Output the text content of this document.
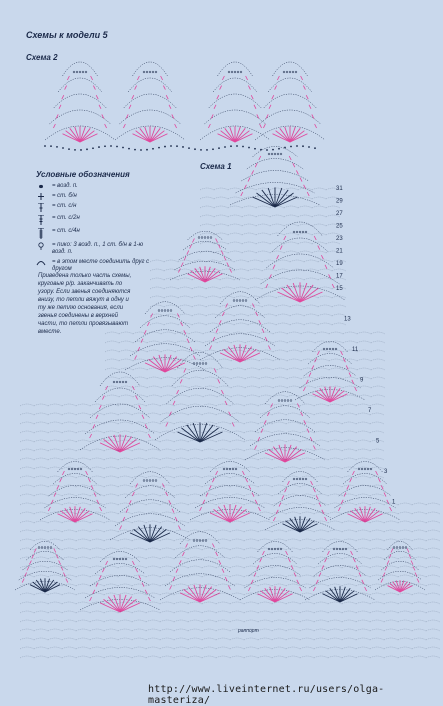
Схемы к модели 5
Схема 2
Схема 1
31
29
27
25
23
21
19
17
15
13
11
9
7
5
3
1
раппорт
Условные обозначения
= возд. п.
= ст. б/н
= ст. с/н
= ст. с/2н
= ст. с/4н
= пико: 3 возд. п., 1 ст. б/н в 1-ю возд. п.
= в этом месте соединить друг с другом
Приведена только часть схемы, круговые р/р. заканчивать по узору. Если звенья соединяются внизу, то петли вяжут в одну и ту же петлю основания, если звенья соединены в верхней части, то петли провязывают вместе.
http://www.liveinternet.ru/users/olga-masteriza/
